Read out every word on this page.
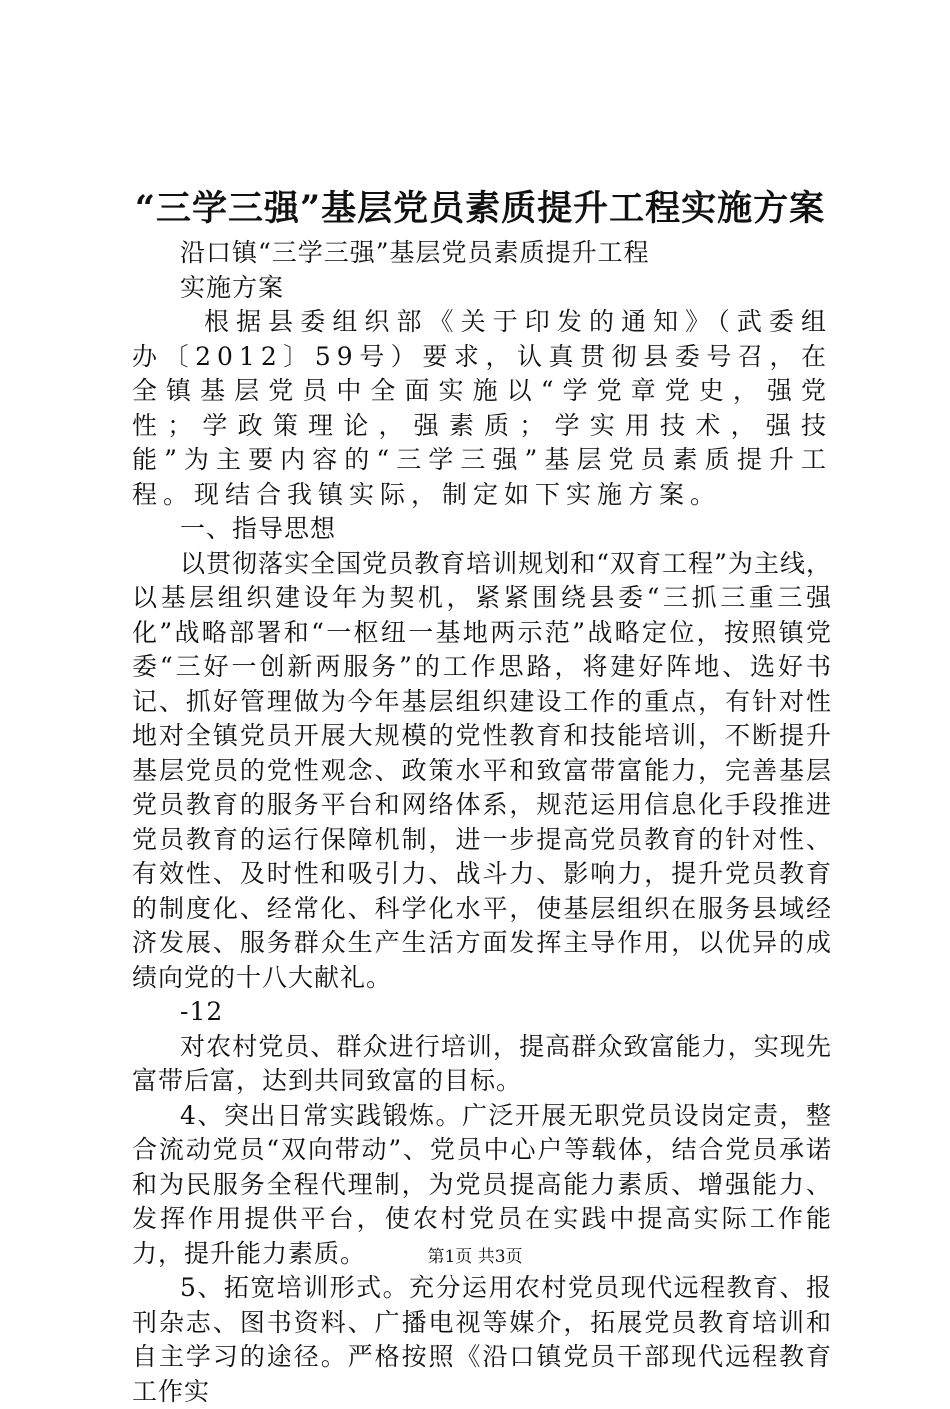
“三学三强”基层党员素质提升工程实施方案

沿口镇“三学三强”基层党员素质提升工程

实施方案

根据县委组织部《关于印发的通知》（武委组办〔2012〕59号）要求，认真贯彻县委号召，在全镇基层党员中全面实施以“学党章党史，强党性；学政策理论，强素质；学实用技术，强技能”为主要内容的“三学三强”基层党员素质提升工程。现结合我镇实际，制定如下实施方案。

一、指导思想

以贯彻落实全国党员教育培训规划和“双育工程”为主线，以基层组织建设年为契机，紧紧围绕县委“三抓三重三强化”战略部署和“一枢纽一基地两示范”战略定位，按照镇党委“三好一创新两服务”的工作思路，将建好阵地、选好书记、抓好管理做为今年基层组织建设工作的重点，有针对性地对全镇党员开展大规模的党性教育和技能培训，不断提升基层党员的党性观念、政策水平和致富带富能力，完善基层党员教育的服务平台和网络体系，规范运用信息化手段推进党员教育的运行保障机制，进一步提高党员教育的针对性、有效性、及时性和吸引力、战斗力、影响力，提升党员教育的制度化、经常化、科学化水平，使基层组织在服务县域经济发展、服务群众生产生活方面发挥主导作用，以优异的成绩向党的十八大献礼。

-12

对农村党员、群众进行培训，提高群众致富能力，实现先富带后富，达到共同致富的目标。

4、突出日常实践锻炼。广泛开展无职党员设岗定责，整合流动党员“双向带动”、党员中心户等载体，结合党员承诺和为民服务全程代理制，为党员提高能力素质、增强能力、发挥作用提供平台，使农村党员在实践中提高实际工作能力，提升能力素质。

5、拓宽培训形式。充分运用农村党员现代远程教育、报刊杂志、图书资料、广播电视等媒介，拓展党员教育培训和自主学习的途径。严格按照《沿口镇党员干部现代远程教育工作实

第1页 共3页
